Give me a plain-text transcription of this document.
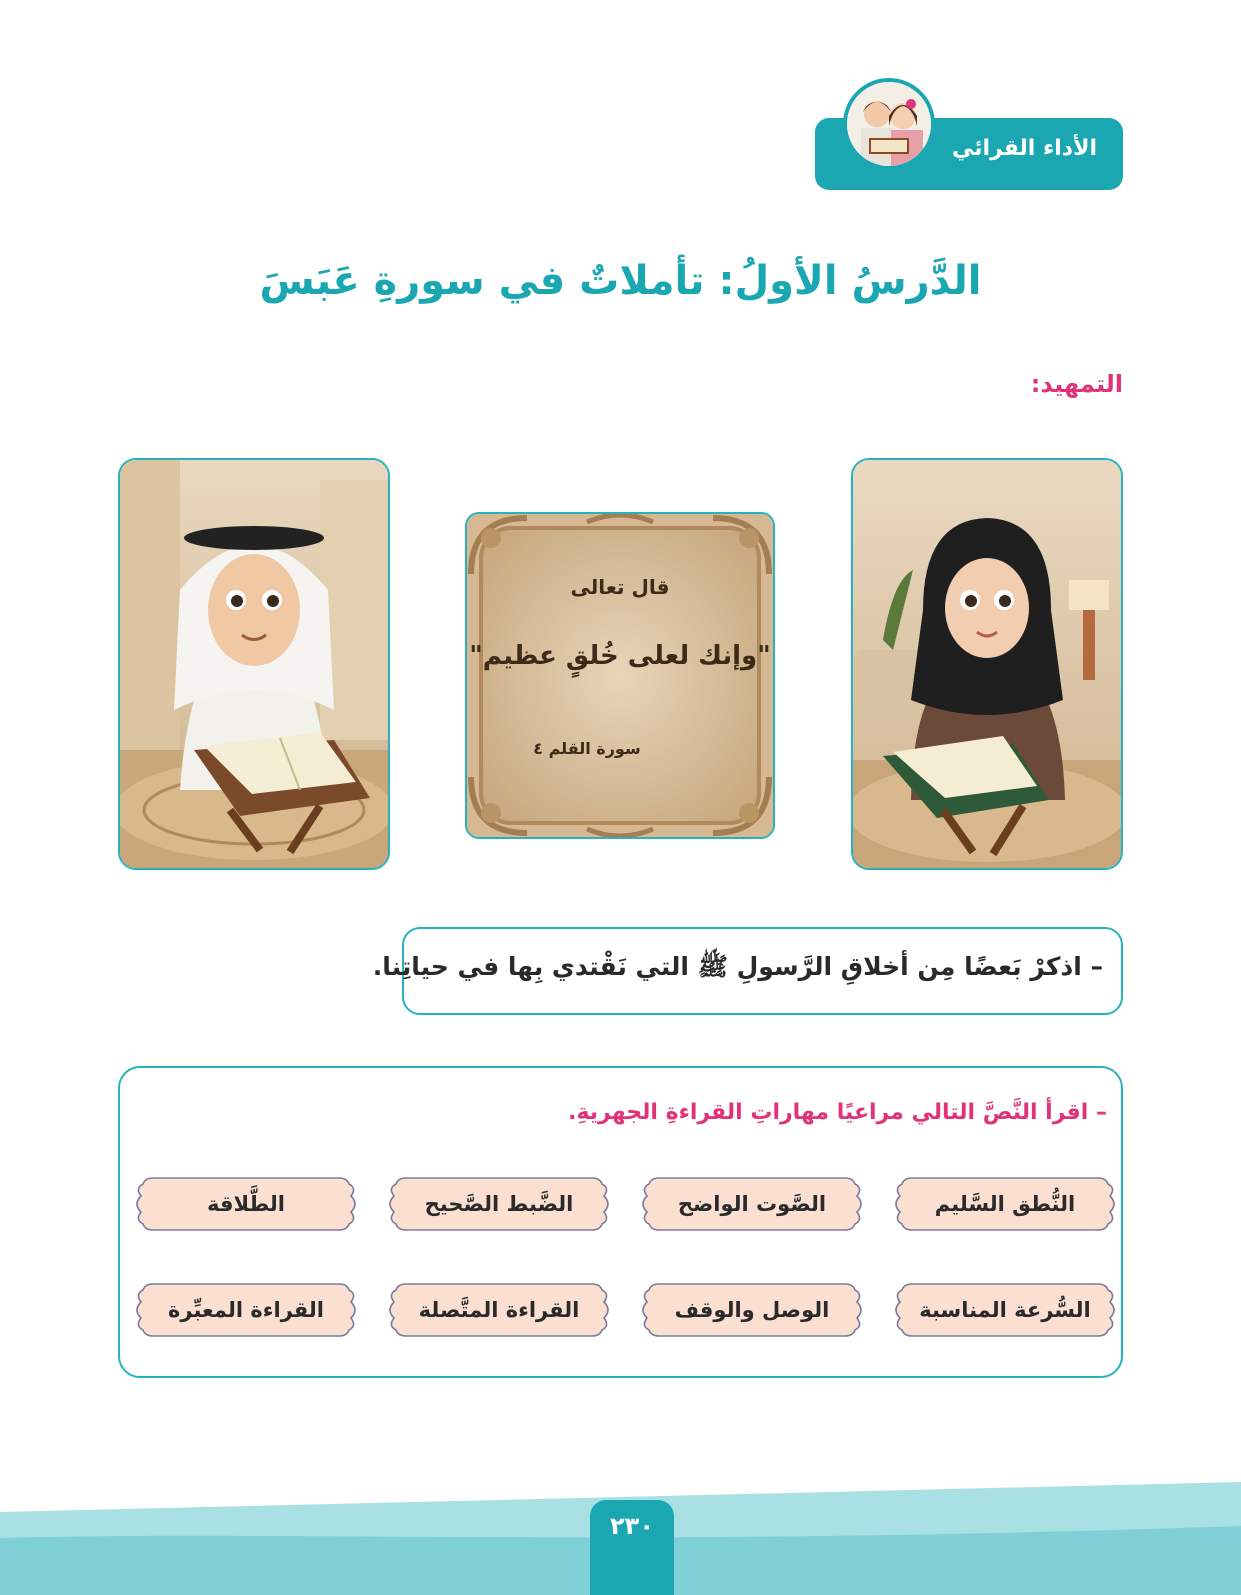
الأداء القرائي
الدَّرسُ الأولُ: تأملاتٌ في سورةِ عَبَسَ
التمهيد:
قال تعالى
"وإنك لعلى خُلقٍ عظيم"
سورة القلم ٤
– اذكرْ بَعضًا مِن أخلاقِ الرَّسولِ ﷺ التي نَقْتدي بِها في حياتِنا.
– اقرأ النَّصَّ التالي مراعيًا مهاراتِ القراءةِ الجهريةِ.
النُّطق السَّليم
الصَّوت الواضح
الضَّبط الصَّحيح
الطَّلاقة
السُّرعة المناسبة
الوصل والوقف
القراءة المتَّصلة
القراءة المعبِّرة
٢٣٠
